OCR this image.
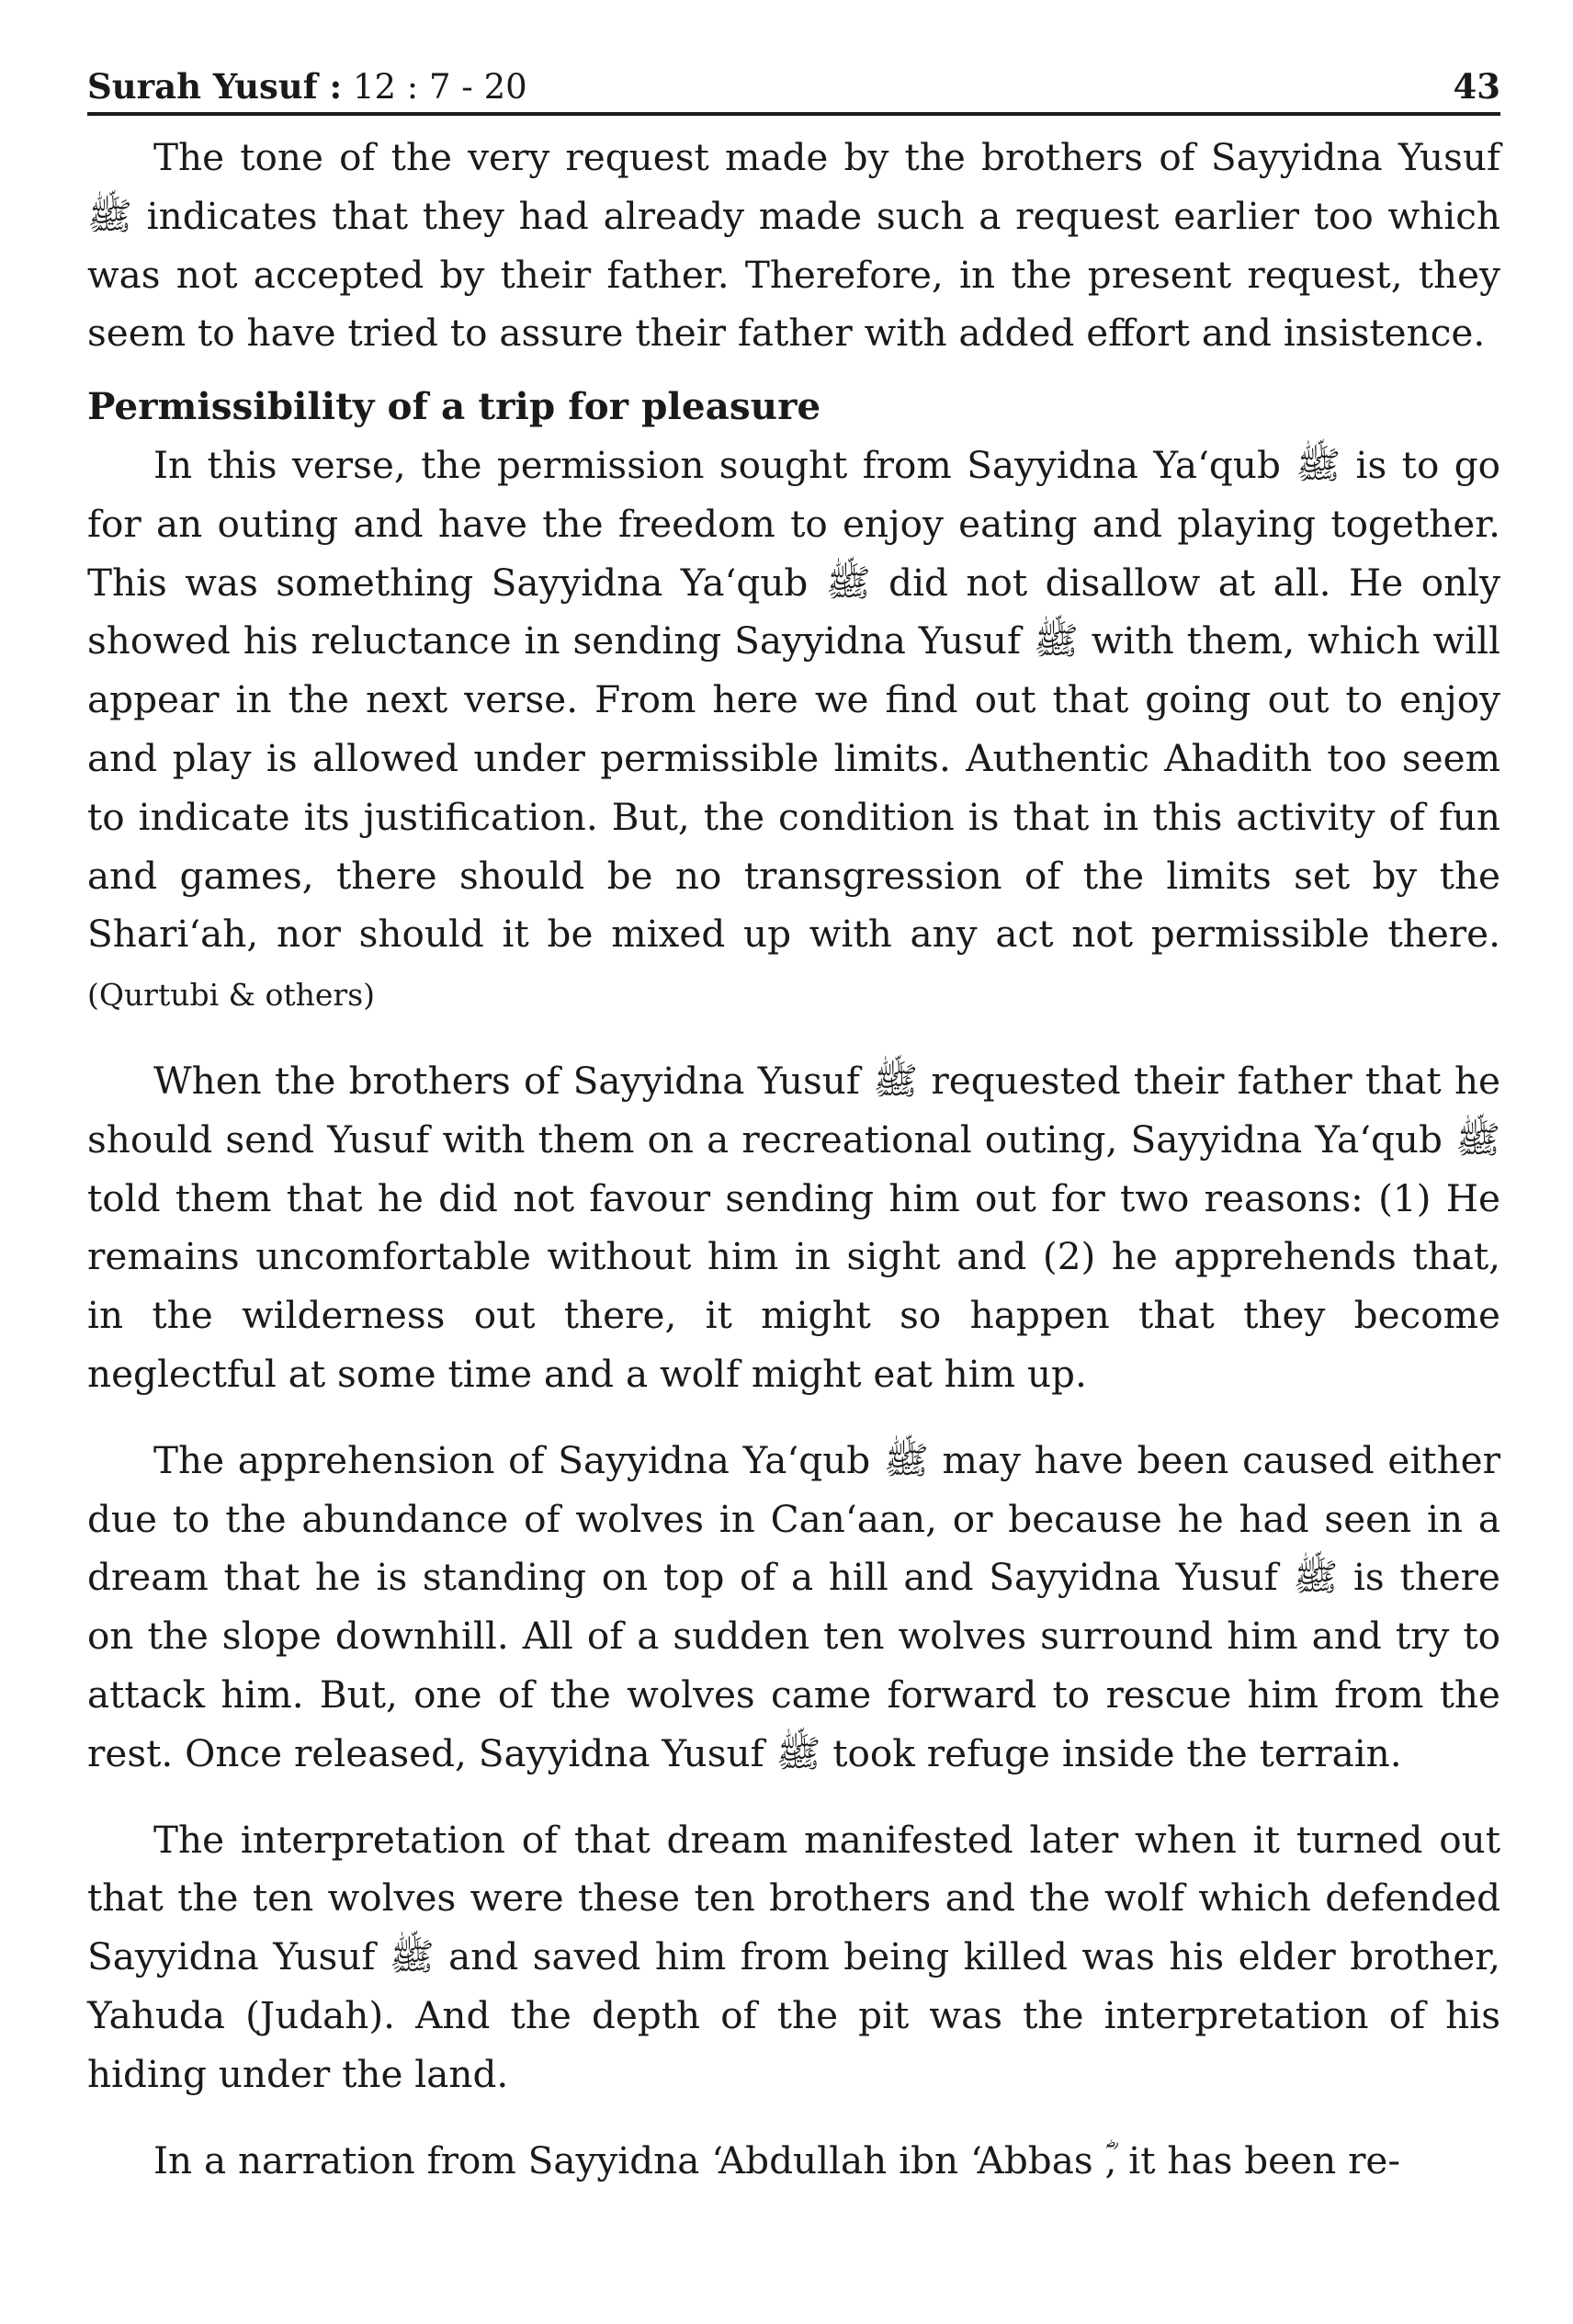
Surah Yusuf : 12 : 7 - 20	43

The tone of the very request made by the brothers of Sayyidna Yusuf ﷺ indicates that they had already made such a request earlier too which was not accepted by their father. Therefore, in the present request, they seem to have tried to assure their father with added effort and insistence.

Permissibility of a trip for pleasure

In this verse, the permission sought from Sayyidna Ya‘qub ﷺ is to go for an outing and have the freedom to enjoy eating and playing together. This was something Sayyidna Ya‘qub ﷺ did not disallow at all. He only showed his reluctance in sending Sayyidna Yusuf ﷺ with them, which will appear in the next verse. From here we find out that going out to enjoy and play is allowed under permissible limits. Authentic Ahadith too seem to indicate its justification. But, the condition is that in this activity of fun and games, there should be no transgression of the limits set by the Shari‘ah, nor should it be mixed up with any act not permissible there. (Qurtubi & others)

When the brothers of Sayyidna Yusuf ﷺ requested their father that he should send Yusuf with them on a recreational outing, Sayyidna Ya‘qub ﷺ told them that he did not favour sending him out for two reasons: (1) He remains uncomfortable without him in sight and (2) he apprehends that, in the wilderness out there, it might so happen that they become neglectful at some time and a wolf might eat him up.

The apprehension of Sayyidna Ya‘qub ﷺ may have been caused either due to the abundance of wolves in Can‘aan, or because he had seen in a dream that he is standing on top of a hill and Sayyidna Yusuf ﷺ is there on the slope downhill. All of a sudden ten wolves surround him and try to attack him. But, one of the wolves came forward to rescue him from the rest. Once released, Sayyidna Yusuf ﷺ took refuge inside the terrain.

The interpretation of that dream manifested later when it turned out that the ten wolves were these ten brothers and the wolf which defended Sayyidna Yusuf ﷺ and saved him from being killed was his elder brother, Yahuda (Judah). And the depth of the pit was the interpretation of his hiding under the land.

In a narration from Sayyidna ‘Abdullah ibn ‘Abbas ؓ, it has been re-
